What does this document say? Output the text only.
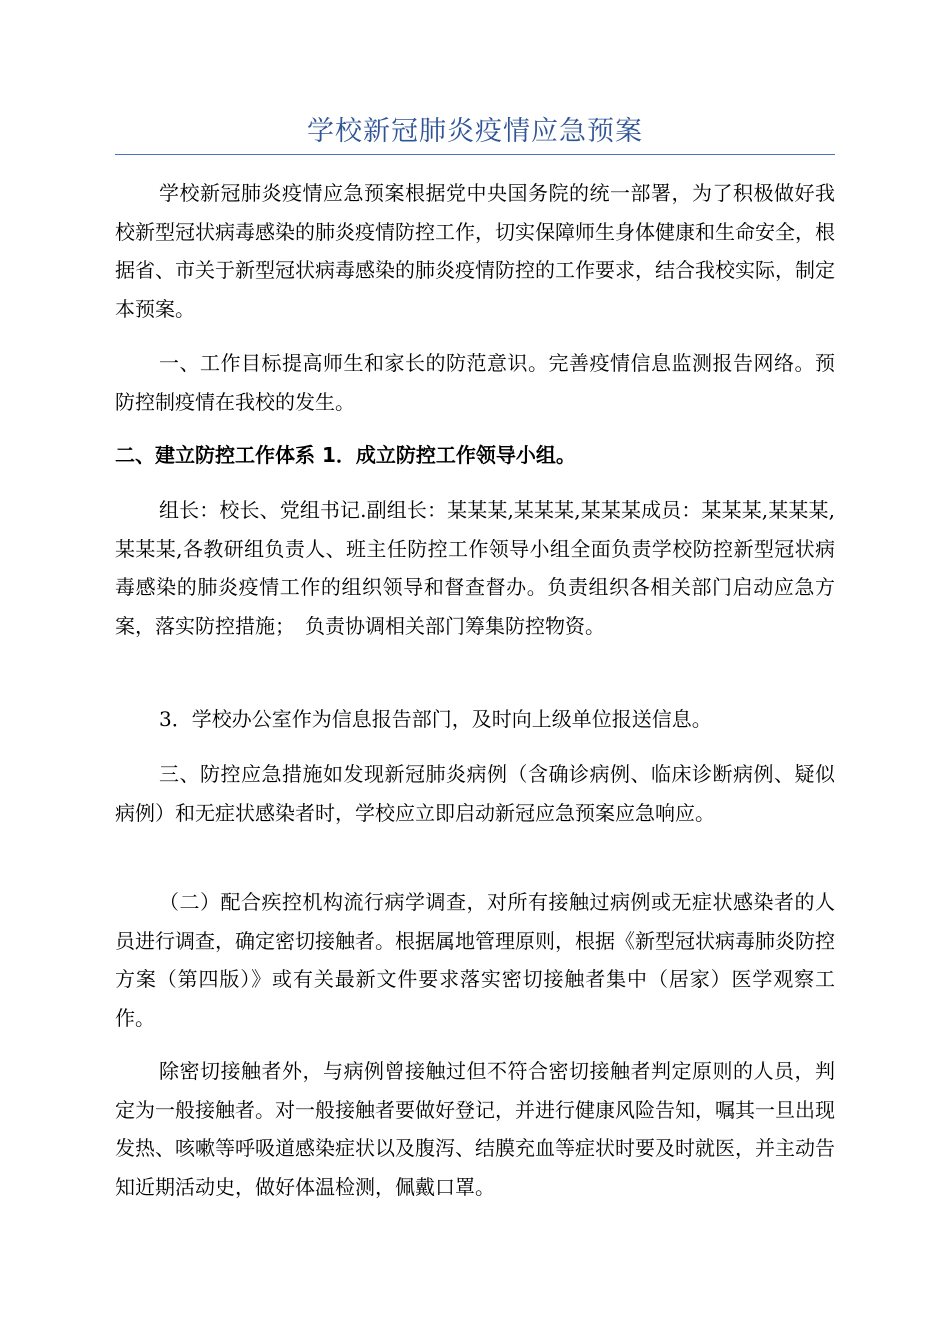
学校新冠肺炎疫情应急预案

学校新冠肺炎疫情应急预案根据党中央国务院的统一部署，为了积极做好我校新型冠状病毒感染的肺炎疫情防控工作，切实保障师生身体健康和生命安全，根据省、市关于新型冠状病毒感染的肺炎疫情防控的工作要求，结合我校实际，制定本预案。

一、工作目标提高师生和家长的防范意识。完善疫情信息监测报告网络。预防控制疫情在我校的发生。

二、建立防控工作体系 1．成立防控工作领导小组。

组长：校长、党组书记.副组长：某某某,某某某,某某某成员：某某某,某某某,某某某,各教研组负责人、班主任防控工作领导小组全面负责学校防控新型冠状病毒感染的肺炎疫情工作的组织领导和督查督办。负责组织各相关部门启动应急方案，落实防控措施；　负责协调相关部门筹集防控物资。

3．学校办公室作为信息报告部门，及时向上级单位报送信息。

三、防控应急措施如发现新冠肺炎病例（含确诊病例、临床诊断病例、疑似病例）和无症状感染者时，学校应立即启动新冠应急预案应急响应。

（二）配合疾控机构流行病学调查，对所有接触过病例或无症状感染者的人员进行调查，确定密切接触者。根据属地管理原则，根据《新型冠状病毒肺炎防控方案（第四版）》或有关最新文件要求落实密切接触者集中（居家）医学观察工作。

除密切接触者外，与病例曾接触过但不符合密切接触者判定原则的人员，判定为一般接触者。对一般接触者要做好登记，并进行健康风险告知，嘱其一旦出现发热、咳嗽等呼吸道感染症状以及腹泻、结膜充血等症状时要及时就医，并主动告知近期活动史，做好体温检测，佩戴口罩。
